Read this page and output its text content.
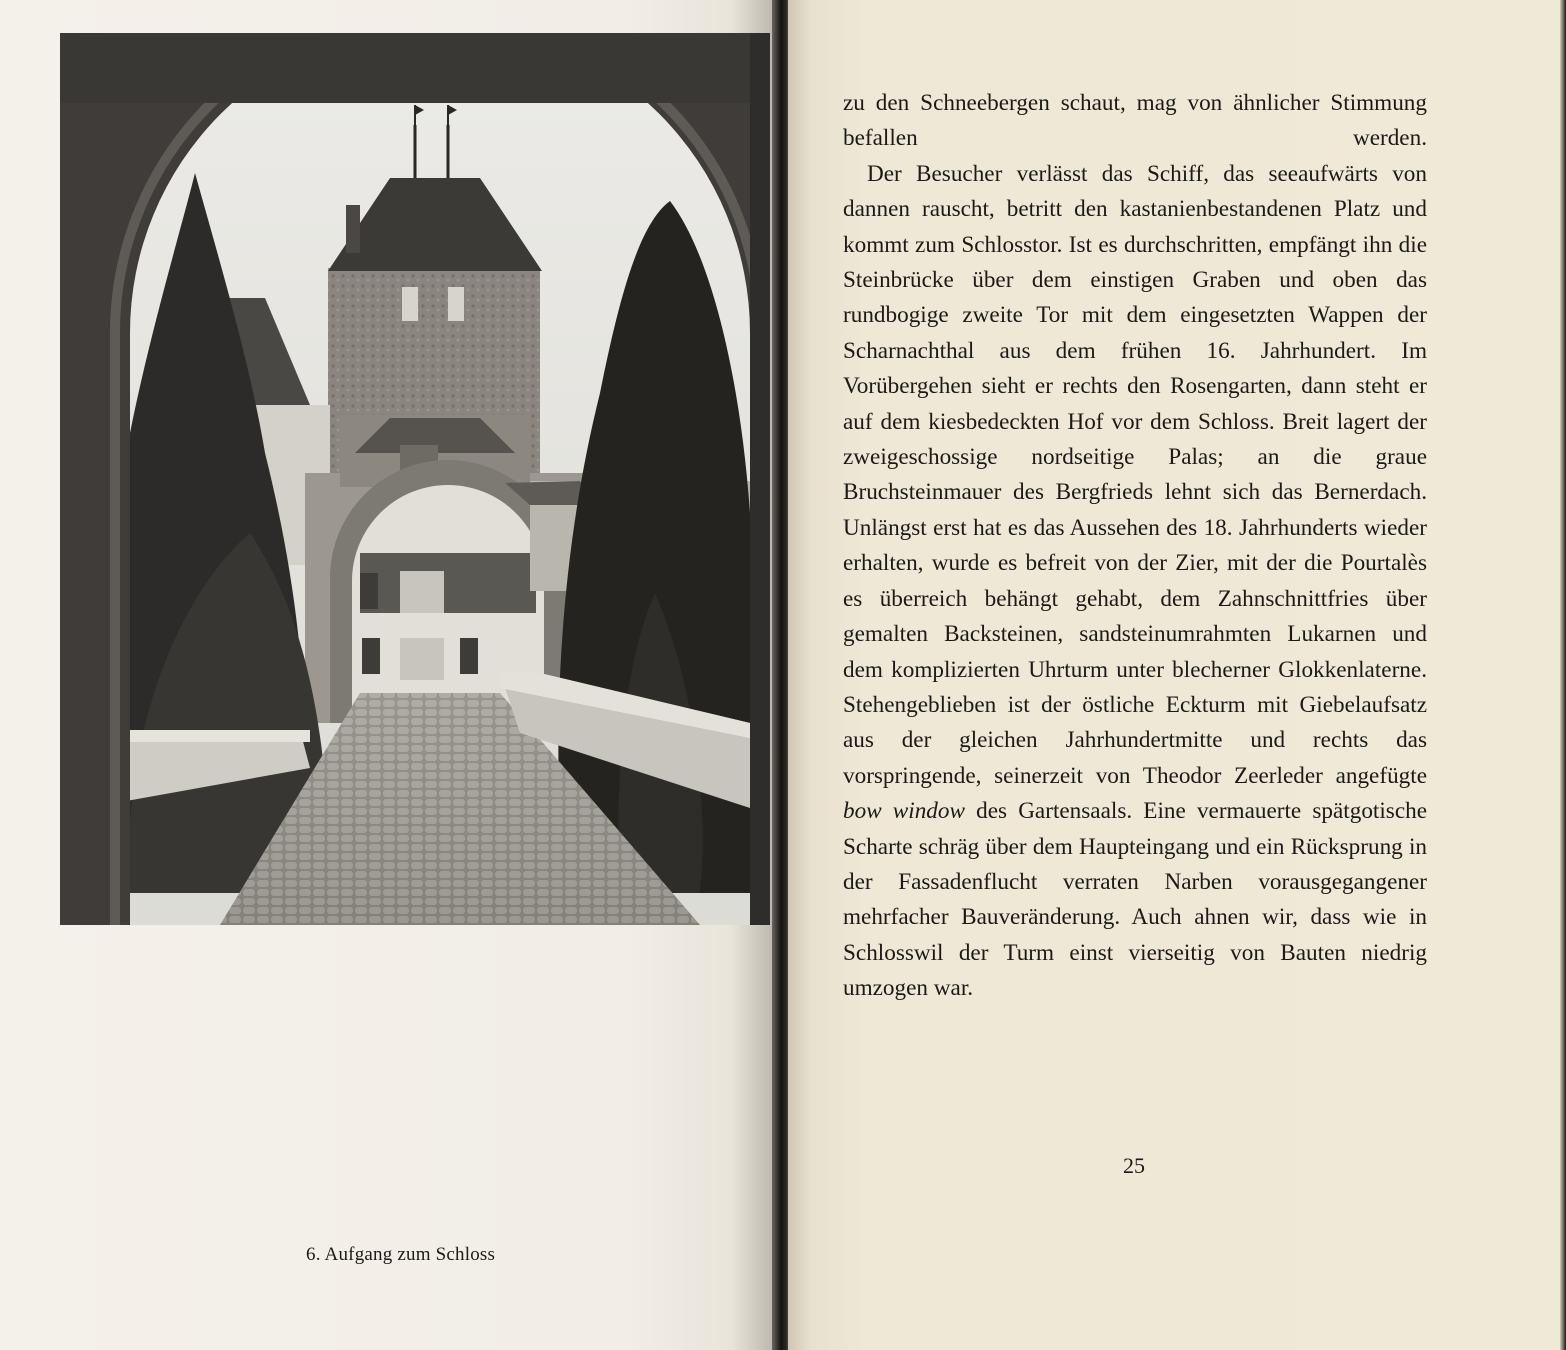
6. Aufgang zum Schloss

zu den Schneebergen schaut, mag von ähnlicher Stimmung befallen werden.

Der Besucher verlässt das Schiff, das seeaufwärts von dannen rauscht, betritt den kastanienbestandenen Platz und kommt zum Schlosstor. Ist es durchschritten, empfängt ihn die Steinbrücke über dem einstigen Graben und oben das rundbogige zweite Tor mit dem eingesetzten Wappen der Scharnachthal aus dem frühen 16. Jahrhundert. Im Vorübergehen sieht er rechts den Rosengarten, dann steht er auf dem kiesbedeckten Hof vor dem Schloss. Breit lagert der zweigeschossige nordseitige Palas; an die graue Bruchsteinmauer des Bergfrieds lehnt sich das Bernerdach. Unlängst erst hat es das Aussehen des 18. Jahrhunderts wieder erhalten, wurde es befreit von der Zier, mit der die Pourtalès es überreich behängt gehabt, dem Zahnschnittfries über gemalten Backsteinen, sandsteinumrahmten Lukarnen und dem komplizierten Uhrturm unter blecherner Glokkenlaterne. Stehengeblieben ist der östliche Eckturm mit Giebelaufsatz aus der gleichen Jahrhundertmitte und rechts das vorspringende, seinerzeit von Theodor Zeerleder angefügte bow window des Gartensaals. Eine vermauerte spätgotische Scharte schräg über dem Haupteingang und ein Rücksprung in der Fassadenflucht verraten Narben vorausgegangener mehrfacher Bauveränderung. Auch ahnen wir, dass wie in Schlosswil der Turm einst vierseitig von Bauten niedrig umzogen war.

25
